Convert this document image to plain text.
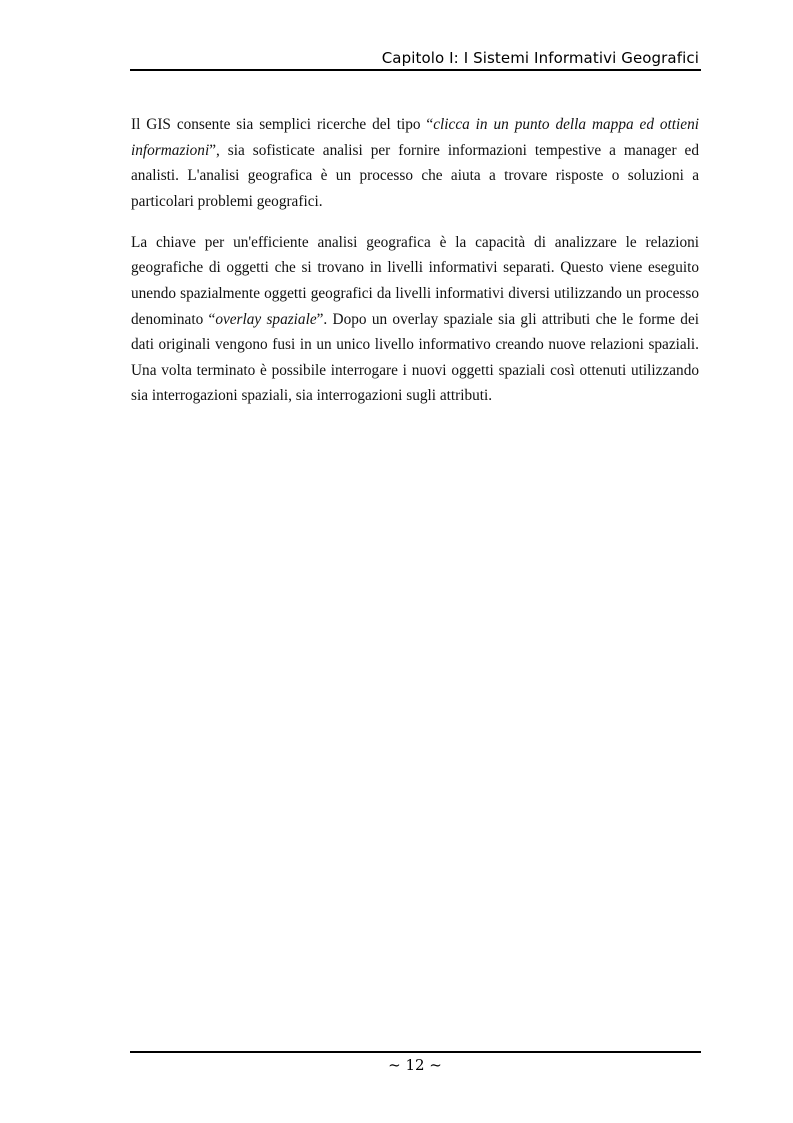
Capitolo I: I Sistemi Informativi Geografici

Il GIS consente sia semplici ricerche del tipo “clicca in un punto della mappa ed ottieni informazioni”, sia sofisticate analisi per fornire informazioni tempestive a manager ed analisti. L'analisi geografica è un processo che aiuta a trovare risposte o soluzioni a particolari problemi geografici.

La chiave per un'efficiente analisi geografica è la capacità di analizzare le relazioni geografiche di oggetti che si trovano in livelli informativi separati. Questo viene eseguito unendo spazialmente oggetti geografici da livelli informativi diversi utilizzando un processo denominato “overlay spaziale”. Dopo un overlay spaziale sia gli attributi che le forme dei dati originali vengono fusi in un unico livello informativo creando nuove relazioni spaziali. Una volta terminato è possibile interrogare i nuovi oggetti spaziali così ottenuti utilizzando sia interrogazioni spaziali, sia interrogazioni sugli attributi.

~ 12 ~
